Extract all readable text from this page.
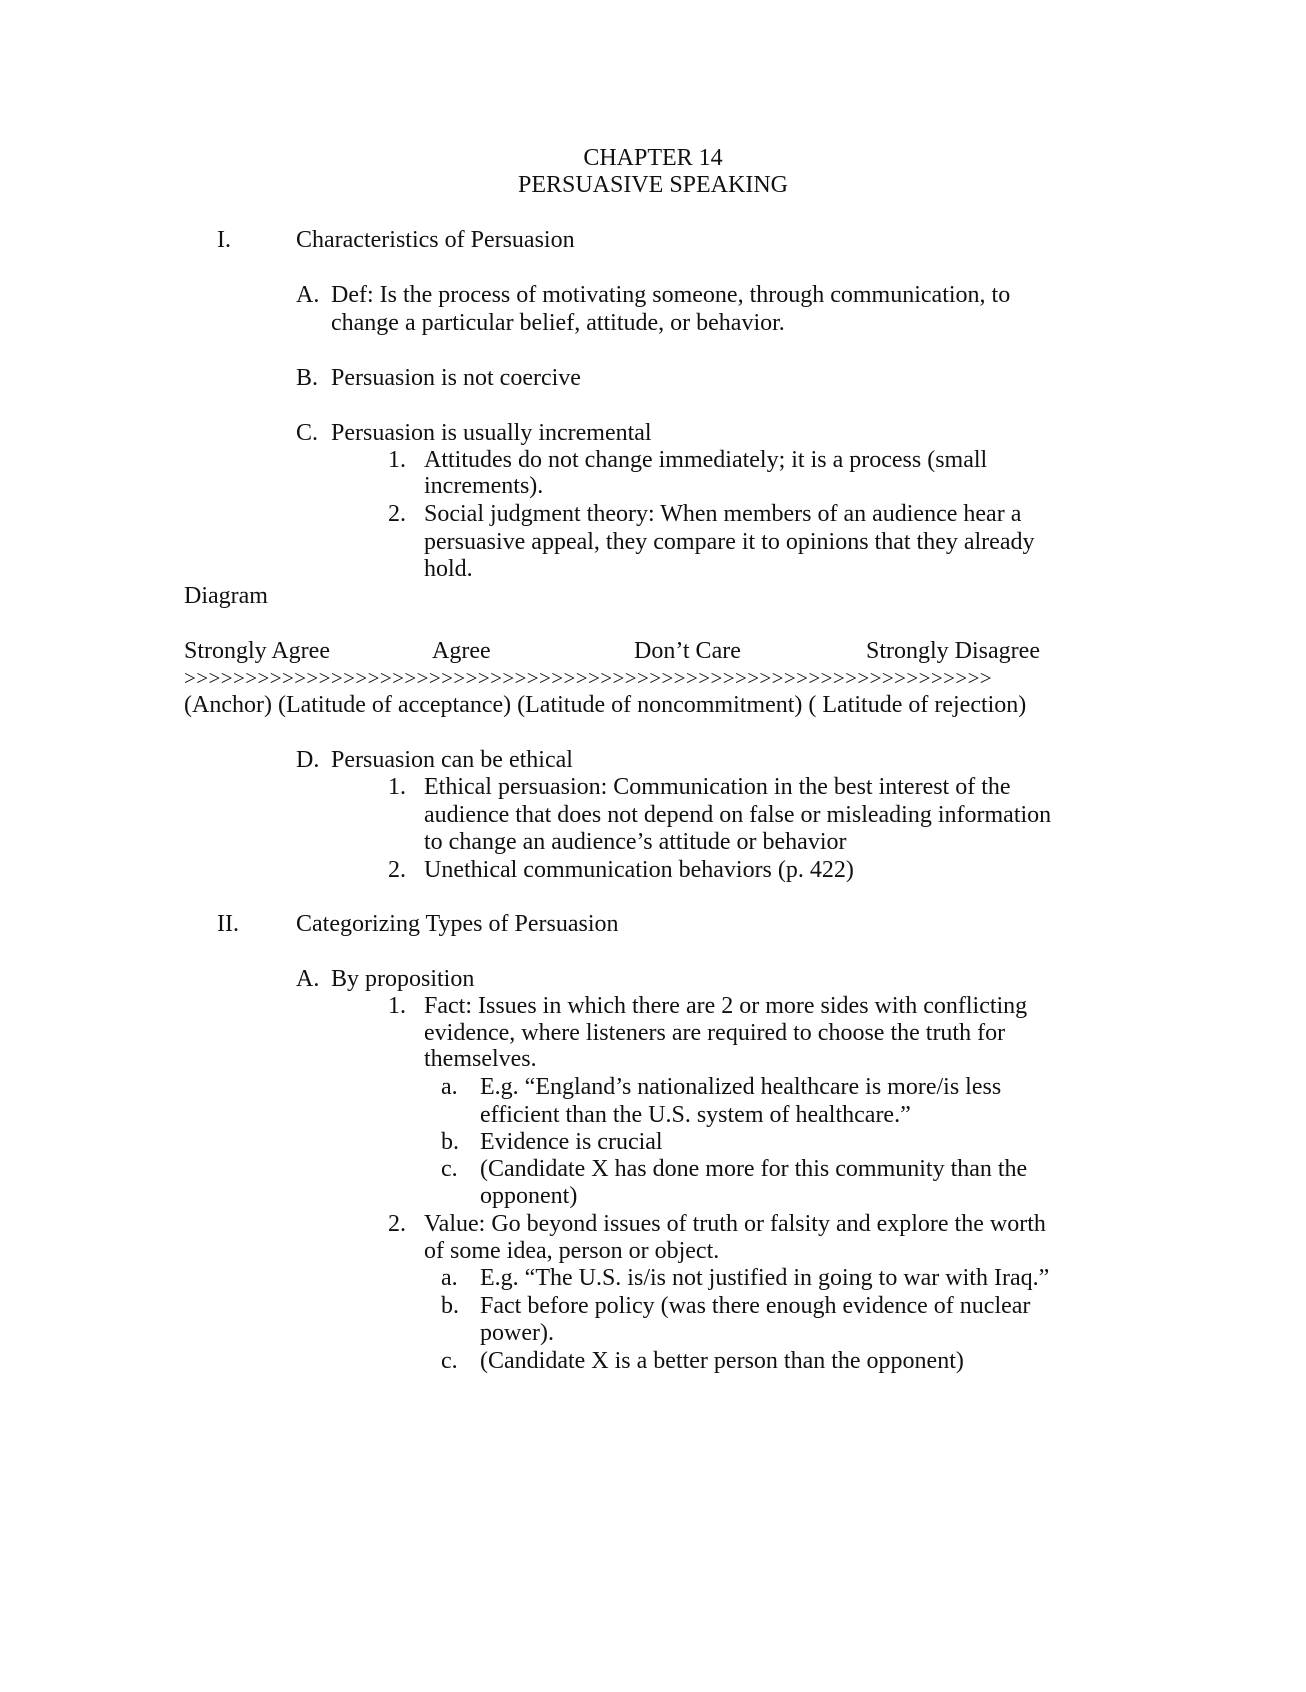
CHAPTER 14
PERSUASIVE SPEAKING
I.	Characteristics of Persuasion
A. Def: Is the process of motivating someone, through communication, to
change a particular belief, attitude, or behavior.
B. Persuasion is not coercive
C. Persuasion is usually incremental
1. Attitudes do not change immediately; it is a process (small
increments).
2. Social judgment theory: When members of an audience hear a
persuasive appeal, they compare it to opinions that they already
hold.
Diagram
Strongly Agree	Agree	Don’t Care	Strongly Disagree
>>>>>>>>>>>>>>>>>>>>>>>>>>>>>>>>>>>>>>>>>>>>>>>>>>>>>>>>>>>>>>>>>>
(Anchor) (Latitude of acceptance) (Latitude of noncommitment) ( Latitude of rejection)
D. Persuasion can be ethical
1. Ethical persuasion: Communication in the best interest of the
audience that does not depend on false or misleading information
to change an audience’s attitude or behavior
2. Unethical communication behaviors (p. 422)
II. Categorizing Types of Persuasion
A. By proposition
1. Fact: Issues in which there are 2 or more sides with conflicting
evidence, where listeners are required to choose the truth for
themselves.
a. E.g. “England’s nationalized healthcare is more/is less
efficient than the U.S. system of healthcare.”
b. Evidence is crucial
c. (Candidate X has done more for this community than the
opponent)
2. Value: Go beyond issues of truth or falsity and explore the worth
of some idea, person or object.
a. E.g. “The U.S. is/is not justified in going to war with Iraq.”
b. Fact before policy (was there enough evidence of nuclear
power).
c. (Candidate X is a better person than the opponent)
